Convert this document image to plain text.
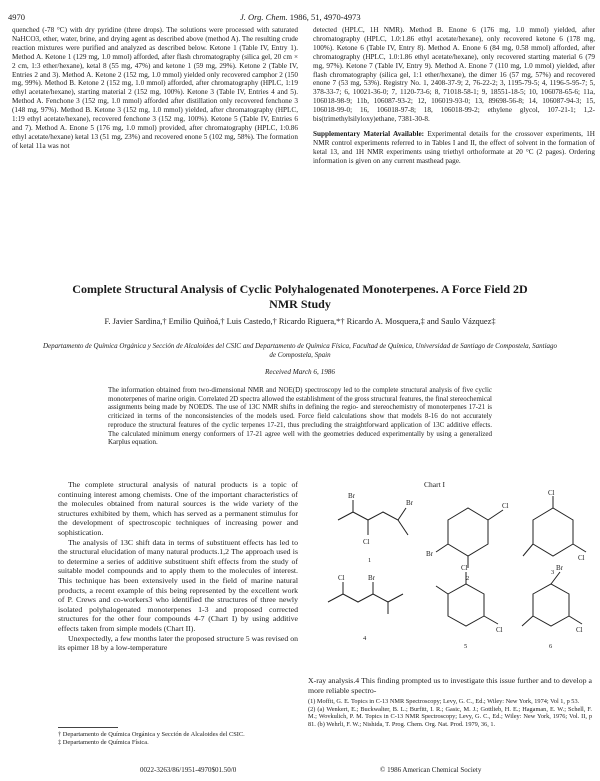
4970	J. Org. Chem. 1986, 51, 4970-4973
quenched (-78 °C) with dry pyridine (three drops). The solutions were processed with saturated NaHCO3, ether, water, brine, and drying agent as described above (method A). The resulting crude reaction mixtures were purified and analyzed as described below. Ketone 1 (Table IV, Entry 1). Method A. Ketone 1 (129 mg, 1.0 mmol) afforded, after flash chromatography (silica gel, 20 cm × 2 cm, 1:3 ether/hexane), ketal 8 (55 mg, 47%) and ketone 1 (59 mg, 29%). Ketone 2 (Table IV, Entries 2 and 3). Method A. Ketone 2 (152 mg, 1.0 mmol) yielded only recovered camphor 2 (150 mg, 99%). Method B. Ketone 2 (152 mg, 1.0 mmol) afforded, after chromatography (HPLC, 1:19 ethyl acetate/hexane), starting material 2 (152 mg, 100%). Ketone 3 (Table IV, Entries 4 and 5). Method A. Fenchone 3 (152 mg, 1.0 mmol) afforded after distillation only recovered fenchone 3 (148 mg, 97%). Method B. Ketone 3 (152 mg, 1.0 mmol) yielded, after chromatography (HPLC, 1:19 ethyl acetate/hexane), recovered fenchone 3 (152 mg, 100%). Ketone 5 (Table IV, Entries 6 and 7). Method A. Enone 5 (176 mg, 1.0 mmol) provided, after chromatography (HPLC, 1:0.86 ethyl acetate/hexane) ketal 13 (51 mg, 23%) and recovered enone 5 (102 mg, 58%). The formation of ketal 11a was not
detected (HPLC, 1H NMR). Method B. Enone 6 (176 mg, 1.0 mmol) yielded, after chromatography (HPLC, 1.0:1.86 ethyl acetate/hexane), only recovered ketone 6 (178 mg, 100%). Ketone 6 (Table IV, Entry 8). Method A. Enone 6 (84 mg, 0.58 mmol) afforded, after chromatography (HPLC, 1.0:1.86 ethyl acetate/hexane), only recovered starting material 6 (79 mg, 97%). Ketone 7 (Table IV, Entry 9). Method A. Enone 7 (110 mg, 1.0 mmol) yielded, after flash chromatography (silica gel, 1:1 ether/hexane), the dimer 16 (57 mg, 57%) and recovered enone 7 (53 mg, 53%). Registry No. 1, 2408-37-9; 2, 76-22-2; 3, 1195-79-5; 4, 1196-5-95-7; 5, 378-33-7; 6, 10021-36-0; 7, 1120-73-6; 8, 71018-58-1; 9, 18551-18-5; 10, 106078-65-6; 11a, 106018-98-9; 11b, 106087-93-2; 12, 106019-93-0; 13, 89698-56-8; 14, 106087-94-3; 15, 106018-99-0; 16, 106018-97-8; 18, 106018-99-2; ethylene glycol, 107-21-1; 1,2-bis(trimethylsilyloxy)ethane, 7381-30-8.
Supplementary Material Available: Experimental details for the crossover experiments, 1H NMR control experiments referred to in Tables I and II, the effect of solvent in the formation of ketal 13, and 1H NMR experiments using triethyl orthoformate at 20 °C (2 pages). Ordering information is given on any current masthead page.
Complete Structural Analysis of Cyclic Polyhalogenated Monoterpenes. A Force Field 2D NMR Study
F. Javier Sardina,† Emilio Quiñoá,† Luis Castedo,† Ricardo Riguera,*† Ricardo A. Mosquera,‡ and Saulo Vázquez‡
Departamento de Química Orgánica y Sección de Alcaloides del CSIC and Departamento de Química Física, Facultad de Química, Universidad de Santiago de Compostela, Santiago de Compostela, Spain
Received March 6, 1986
The information obtained from two-dimensional NMR and NOE(D) spectroscopy led to the complete structural analysis of five cyclic monoterpenes of marine origin. Correlated 2D spectra allowed the establishment of the gross structural features, the final stereochemical assignments being made by NOEDS. The use of 13C NMR shifts in defining the regio- and stereochemistry of monoterpenes 17-21 is criticized in terms of the nonconsistencies of the models used. Force field calculations show that models 8-16 do not accurately reproduce the structural features of the cyclic terpenes 17-21, thus precluding the straightforward application of 13C additive effects. The calculated minimum energy conformers of 17-21 agree well with the geometries deduced experimentally by using a generalized Karplus equation.

The complete structural analysis of natural products is a topic of continuing interest among chemists. One of the important characteristics of the molecules obtained from natural sources is the wide variety of the structures exhibited by them, which has served as a permanent stimulus for the development of spectroscopic techniques of increasing power and sophistication.

The analysis of 13C shift data in terms of substituent effects has led to the structural elucidation of many natural products.1,2 The approach used is to determine a series of additive substituent shift effects from the study of suitable model compounds and to apply them to the molecules of interest. This technique has been extensively used in the field of marine natural products, a recent example of this being represented by the excellent work of P. Crews and co-workers3 who identified the structures of three newly isolated polyhalogenated monoterpenes 1-3 and proposed corrected structures for the other four compounds 4-7 (Chart I) by using additive effects taken from simple models (Chart II).

Unexpectedly, a few months later the proposed structure 5 was revised on its epimer 18 by a low-temperature

Chart I
Br
Cl
Br	Cl
Br
Cl
Cl
Cl	Br
Cl
Cl
Br
Cl
1
2
3
4
5	6
X-ray analysis.4 This finding prompted us to investigate this issue further and to develop a more reliable spectro-
(1) Moffit, G. E. Topics in C-13 NMR Spectroscopy; Levy, G. C., Ed.; Wiley: New York, 1974; Vol 1, p 53.
(2) (a) Wenkert, E.; Buckwalter, B. L.; Burfitt, I. R.; Gasic, M. J.; Gottlieb, H. E.; Hagaman, E. W.; Schell, F. M.; Wovkulich, P. M. Topics in C-13 NMR Spectroscopy; Levy, G. C., Ed.; Wiley: New York, 1976; Vol. II, p 81. (b) Wehrli, F. W.; Nishida, T. Prog. Chem. Org. Nat. Prod. 1979, 36, 1.
† Departamento de Química Orgánica y Sección de Alcaloides del CSIC.
‡ Departamento de Química Física.
0022-3263/86/1951-4970$01.50/0	© 1986 American Chemical Society
